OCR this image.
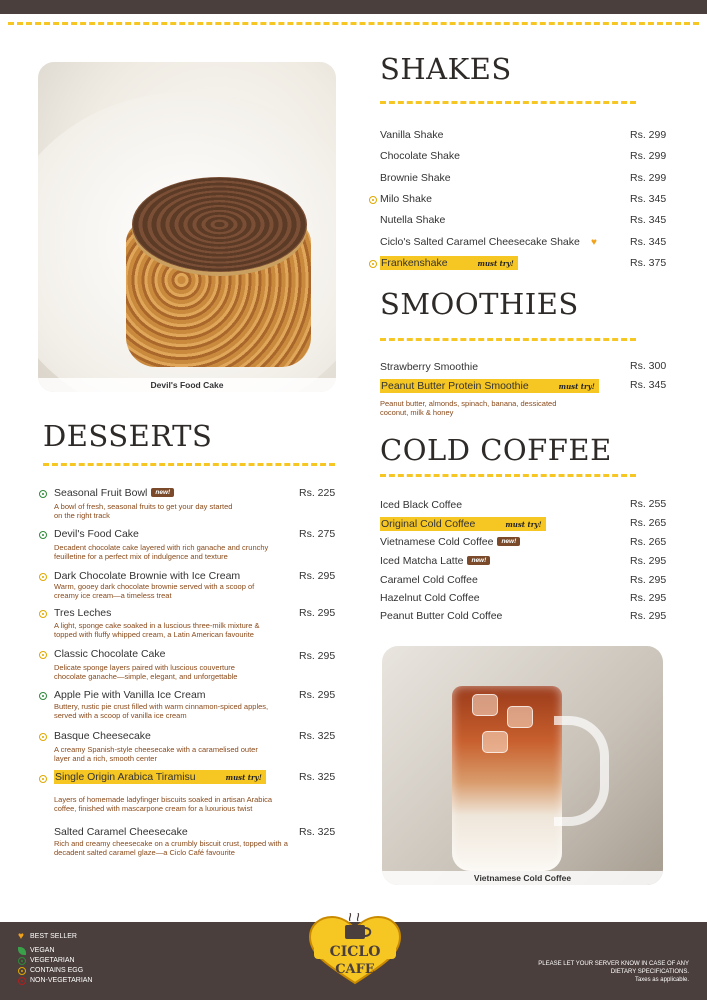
Devil's Food Cake
SHAKES
Vanilla Shake	Rs. 299
Chocolate Shake	Rs. 299
Brownie Shake	Rs. 299
Milo Shake	Rs. 345
Nutella Shake	Rs. 345
Ciclo's Salted Caramel Cheesecake Shake ♥	Rs. 345
Frankenshake	must try!	Rs. 375
SMOOTHIES
Strawberry Smoothie	Rs. 300
Peanut Butter Protein Smoothie	must try!	Rs. 345
Peanut butter, almonds, spinach, banana, dessicated coconut, milk & honey
COLD COFFEE
Iced Black Coffee	Rs. 255
Original Cold Coffee	must try!	Rs. 265
Vietnamese Cold Coffee new!	Rs. 265
Iced Matcha Latte new!	Rs. 295
Caramel Cold Coffee	Rs. 295
Hazelnut Cold Coffee	Rs. 295
Peanut Butter Cold Coffee	Rs. 295
Vietnamese Cold Coffee
DESSERTS
Seasonal Fruit Bowl new!	Rs. 225
A bowl of fresh, seasonal fruits to get your day started on the right track
Devil's Food Cake	Rs. 275
Decadent chocolate cake layered with rich ganache and crunchy feuilletine for a perfect mix of indulgence and texture
Dark Chocolate Brownie with Ice Cream	Rs. 295
Warm, gooey dark chocolate brownie served with a scoop of creamy ice cream—a timeless treat
Tres Leches	Rs. 295
A light, sponge cake soaked in a luscious three-milk mixture & topped with fluffy whipped cream, a Latin American favourite
Classic Chocolate Cake	Rs. 295
Delicate sponge layers paired with luscious couverture chocolate ganache—simple, elegant, and unforgettable
Apple Pie with Vanilla Ice Cream	Rs. 295
Buttery, rustic pie crust filled with warm cinnamon-spiced apples, served with a scoop of vanilla ice cream
Basque Cheesecake	Rs. 325
A creamy Spanish-style cheesecake with a caramelised outer layer and a rich, smooth center
Single Origin Arabica Tiramisu	must try!	Rs. 325
Layers of homemade ladyfinger biscuits soaked in artisan Arabica coffee, finished with mascarpone cream for a luxurious twist
Salted Caramel Cheesecake	Rs. 325
Rich and creamy cheesecake on a crumbly biscuit crust, topped with a decadent salted caramel glaze—a Ciclo Café favourite
♥ BEST SELLER
VEGAN
VEGETARIAN
CONTAINS EGG
NON-VEGETARIAN
PLEASE LET YOUR SERVER KNOW IN CASE OF ANY
DIETARY SPECIFICATIONS.
Taxes as applicable.
CICLO
CAFE
